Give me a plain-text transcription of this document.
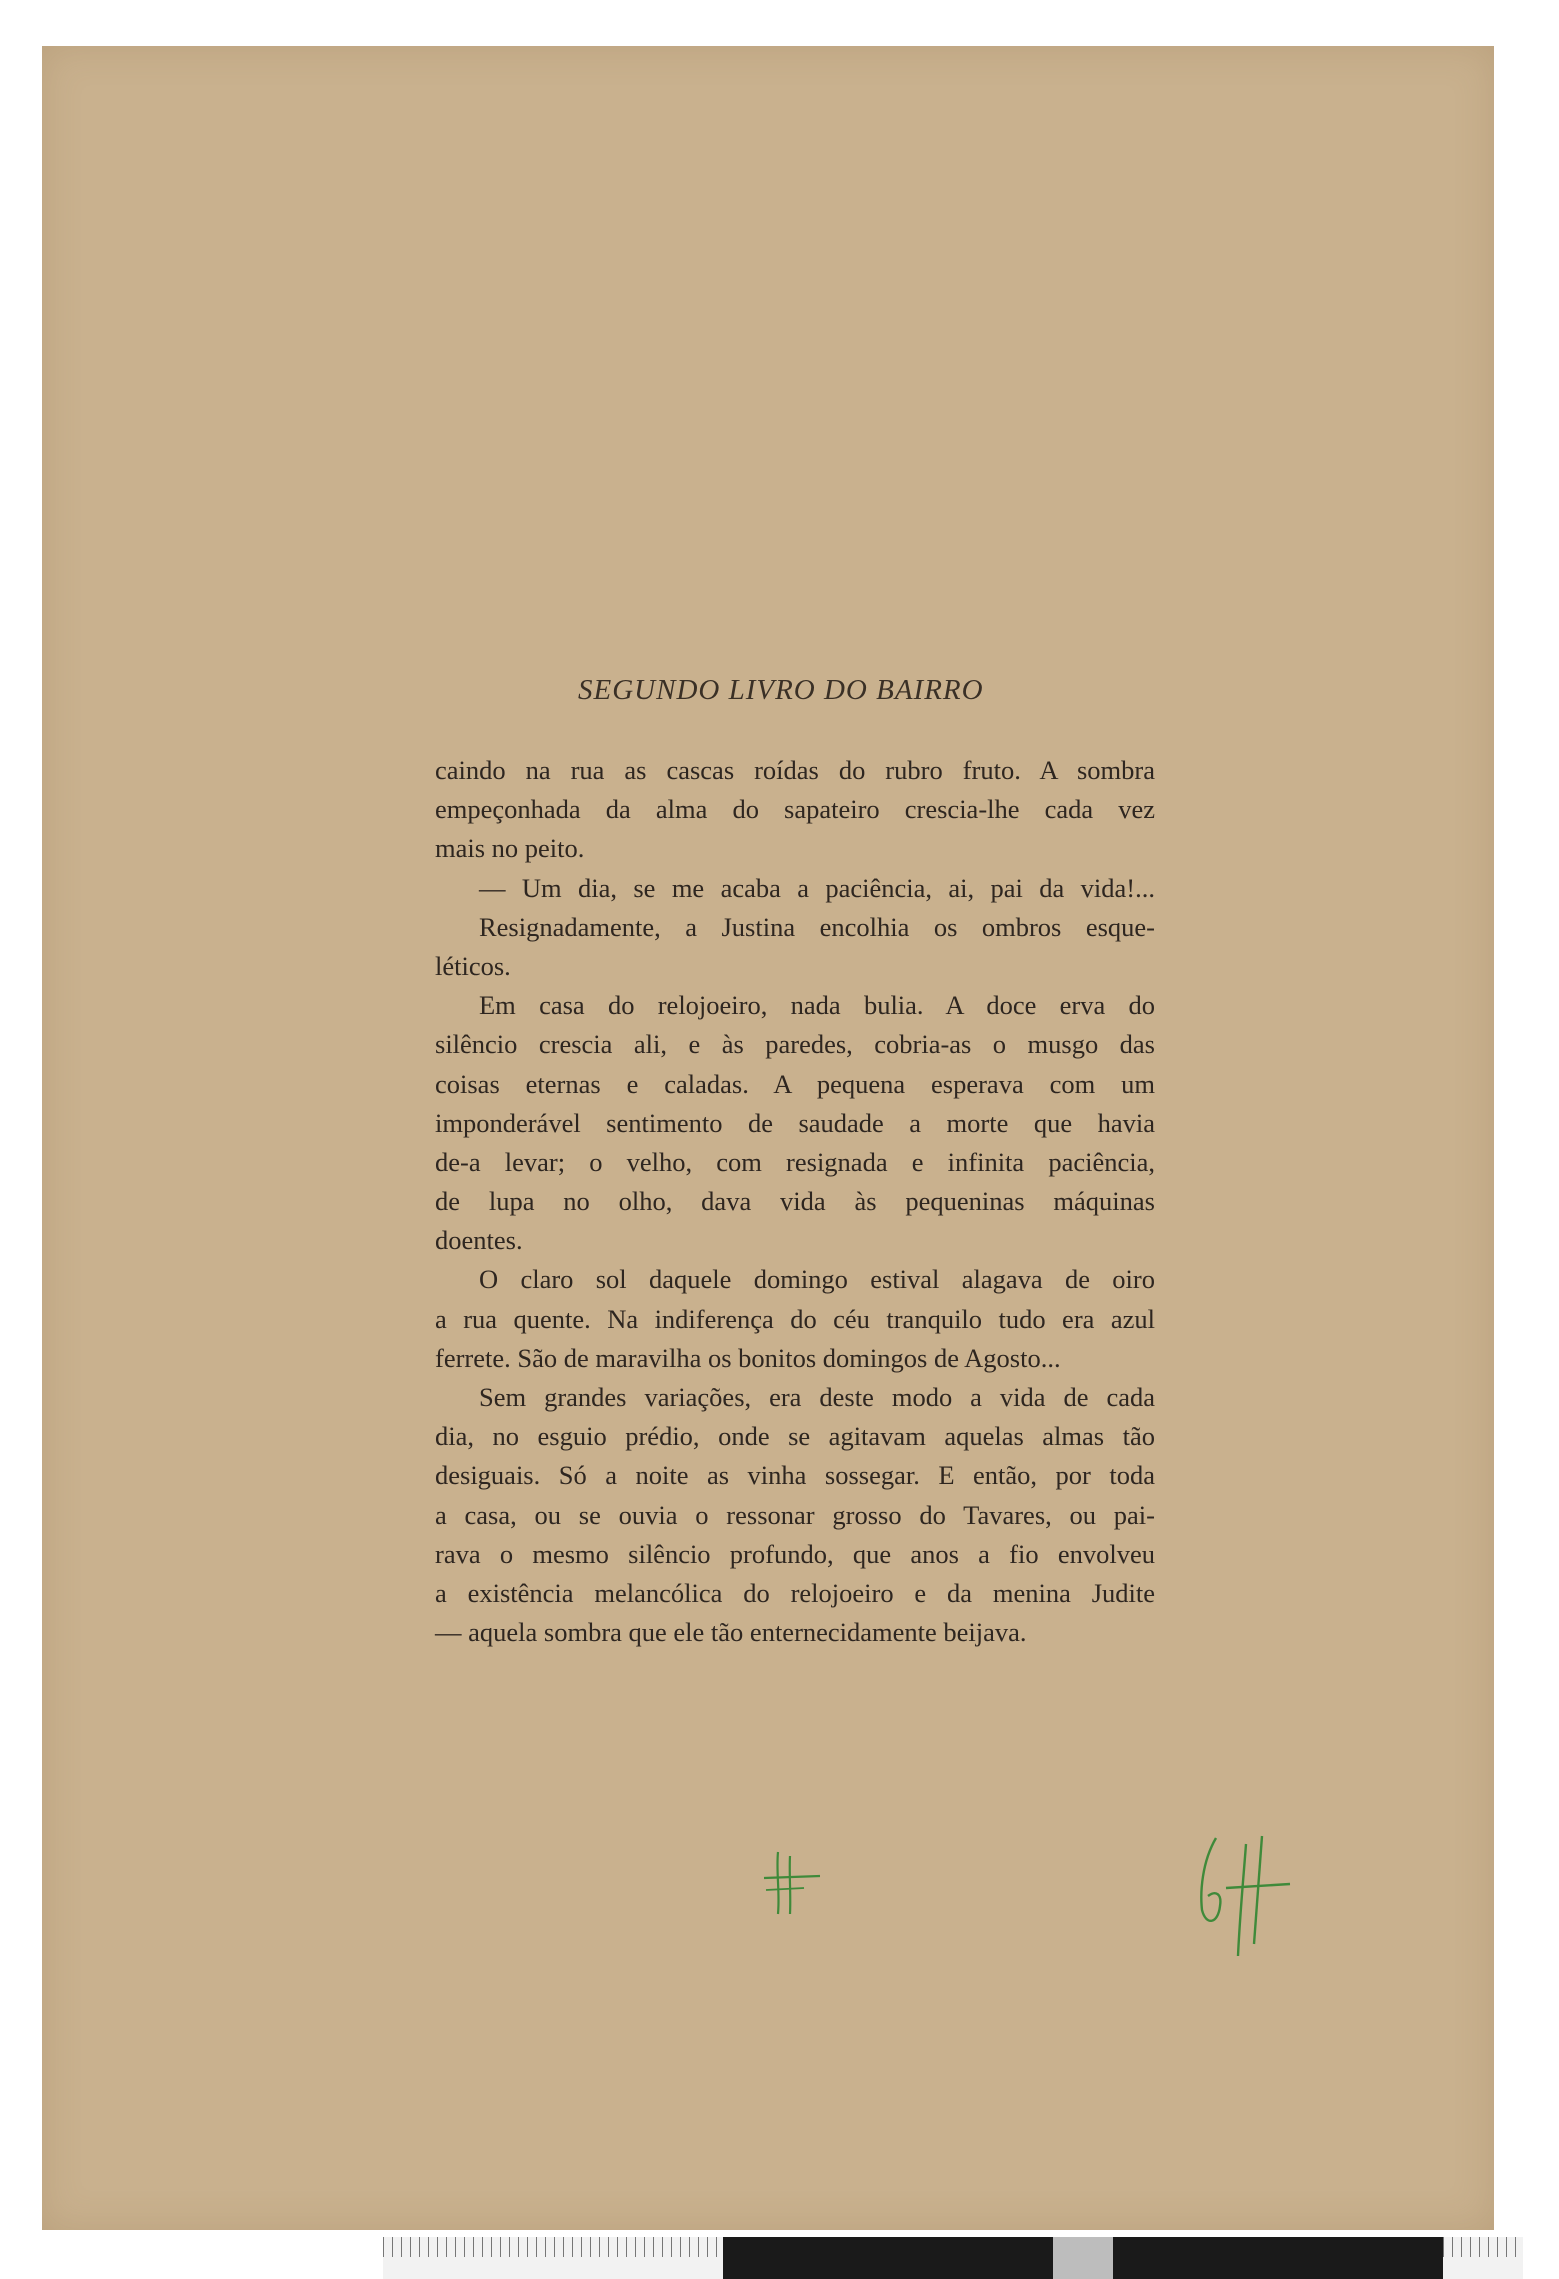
SEGUNDO LIVRO DO BAIRRO
caindo na rua as cascas roídas do rubro fruto. A sombra
empeçonhada da alma do sapateiro crescia-lhe cada vez
mais no peito.
— Um dia, se me acaba a paciência, ai, pai da vida!...
Resignadamente, a Justina encolhia os ombros esque-
léticos.
Em casa do relojoeiro, nada bulia. A doce erva do
silêncio crescia ali, e às paredes, cobria-as o musgo das
coisas eternas e caladas. A pequena esperava com um
imponderável sentimento de saudade a morte que havia
de-a levar; o velho, com resignada e infinita paciência,
de lupa no olho, dava vida às pequeninas máquinas
doentes.
O claro sol daquele domingo estival alagava de oiro
a rua quente. Na indiferença do céu tranquilo tudo era azul
ferrete. São de maravilha os bonitos domingos de Agosto...
Sem grandes variações, era deste modo a vida de cada
dia, no esguio prédio, onde se agitavam aquelas almas tão
desiguais. Só a noite as vinha sossegar. E então, por toda
a casa, ou se ouvia o ressonar grosso do Tavares, ou pai-
rava o mesmo silêncio profundo, que anos a fio envolveu
a existência melancólica do relojoeiro e da menina Judite
— aquela sombra que ele tão enternecidamente beijava.
